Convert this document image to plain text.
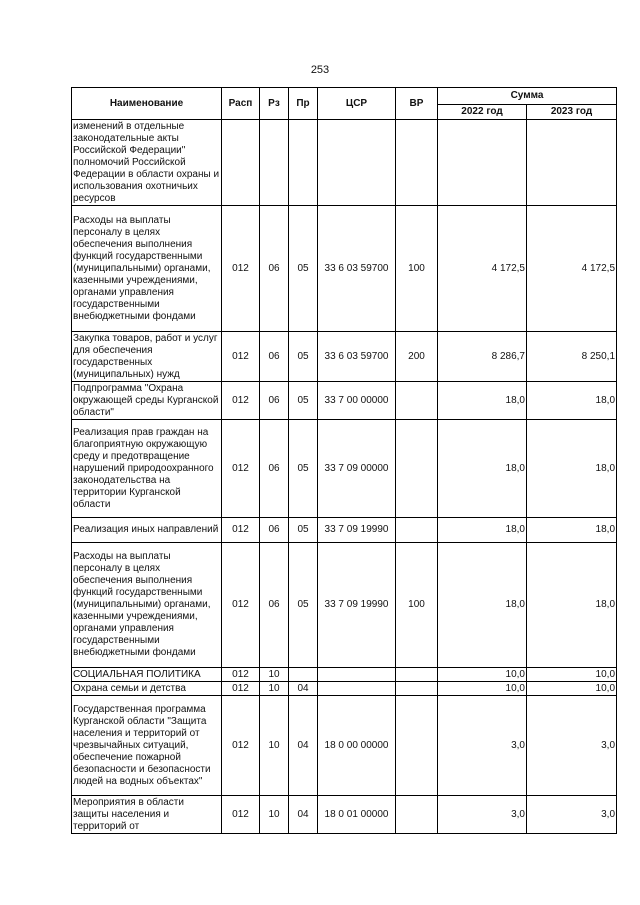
253
Наименование	Расп	Рз	Пр	ЦСР	ВР	Сумма	
						2022 год	2023 год
изменений в отдельные законодательные акты Российской Федерации" полномочий Российской Федерации в области охраны и использования охотничьих ресурсов							
Расходы на выплаты персоналу в целях обеспечения выполнения функций государственными (муниципальными) органами, казенными учреждениями, органами управления государственными внебюджетными фондами	012	06	05	33 6 03 59700	100	4 172,5	4 172,5
Закупка товаров, работ и услуг для обеспечения государственных (муниципальных) нужд	012	06	05	33 6 03 59700	200	8 286,7	8 250,1
Подпрограмма "Охрана окружающей среды Курганской области"	012	06	05	33 7 00 00000		18,0	18,0
Реализация прав граждан на благоприятную окружающую среду и предотвращение нарушений природоохранного законодательства на территории Курганской области	012	06	05	33 7 09 00000		18,0	18,0
Реализация иных направлений	012	06	05	33 7 09 19990		18,0	18,0
Расходы на выплаты персоналу в целях обеспечения выполнения функций государственными (муниципальными) органами, казенными учреждениями, органами управления государственными внебюджетными фондами	012	06	05	33 7 09 19990	100	18,0	18,0
СОЦИАЛЬНАЯ ПОЛИТИКА	012	10				10,0	10,0
Охрана семьи и детства	012	10	04			10,0	10,0
Государственная программа Курганской области "Защита населения и территорий от чрезвычайных ситуаций, обеспечение пожарной безопасности и безопасности людей на водных объектах"	012	10	04	18 0 00 00000		3,0	3,0
Мероприятия в области защиты населения и территорий от	012	10	04	18 0 01 00000		3,0	3,0
